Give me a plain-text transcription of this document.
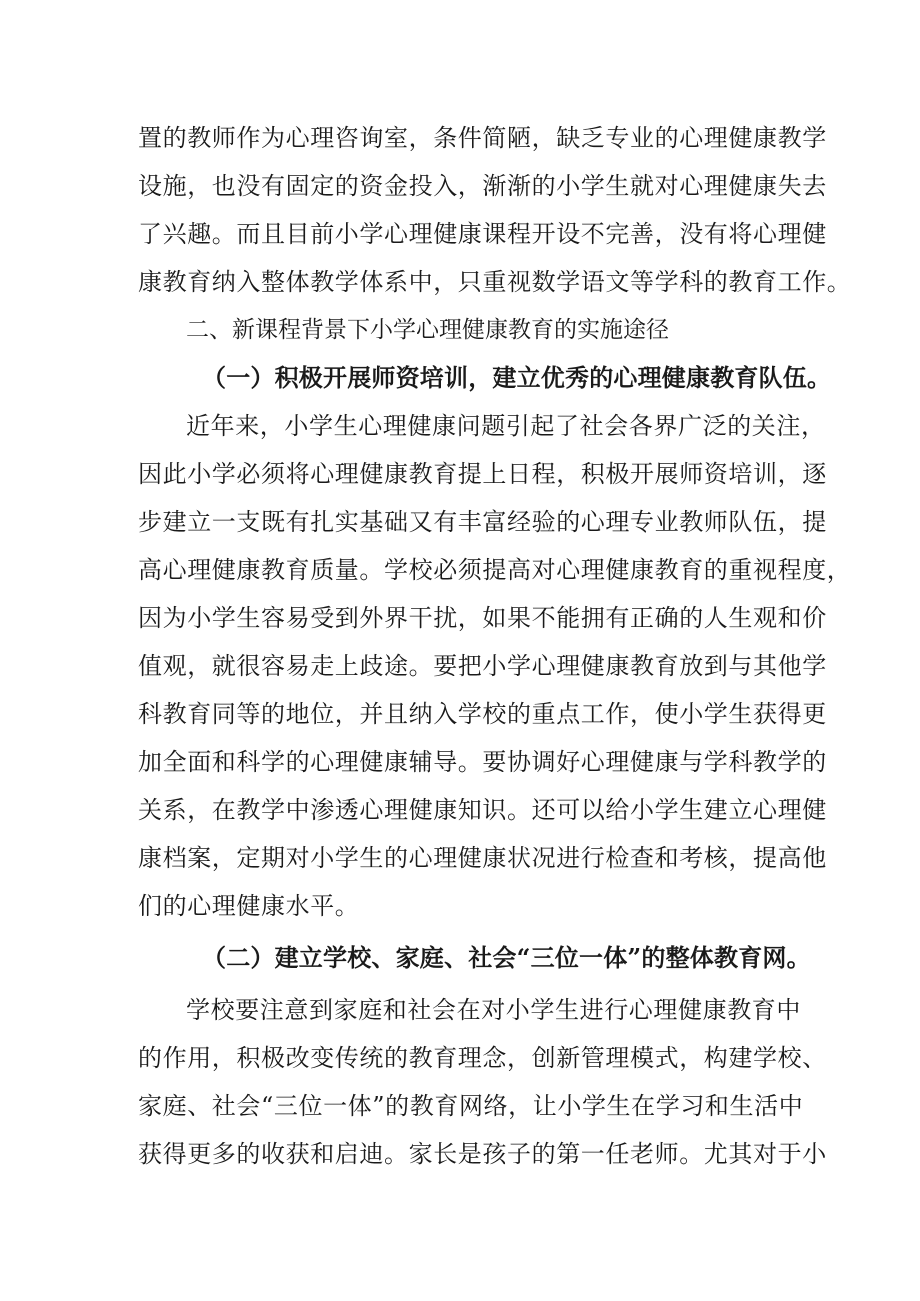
置的教师作为心理咨询室，条件简陋，缺乏专业的心理健康教学
设施，也没有固定的资金投入，渐渐的小学生就对心理健康失去
了兴趣。而且目前小学心理健康课程开设不完善，没有将心理健
康教育纳入整体教学体系中，只重视数学语文等学科的教育工作。
二、新课程背景下小学心理健康教育的实施途径
（一）积极开展师资培训，建立优秀的心理健康教育队伍。
近年来，小学生心理健康问题引起了社会各界广泛的关注，
因此小学必须将心理健康教育提上日程，积极开展师资培训，逐
步建立一支既有扎实基础又有丰富经验的心理专业教师队伍，提
高心理健康教育质量。学校必须提高对心理健康教育的重视程度，
因为小学生容易受到外界干扰，如果不能拥有正确的人生观和价
值观，就很容易走上歧途。要把小学心理健康教育放到与其他学
科教育同等的地位，并且纳入学校的重点工作，使小学生获得更
加全面和科学的心理健康辅导。要协调好心理健康与学科教学的
关系，在教学中渗透心理健康知识。还可以给小学生建立心理健
康档案，定期对小学生的心理健康状况进行检查和考核，提高他
们的心理健康水平。
（二）建立学校、家庭、社会“三位一体”的整体教育网。
学校要注意到家庭和社会在对小学生进行心理健康教育中
的作用，积极改变传统的教育理念，创新管理模式，构建学校、
家庭、社会“三位一体”的教育网络，让小学生在学习和生活中
获得更多的收获和启迪。家长是孩子的第一任老师。尤其对于小
